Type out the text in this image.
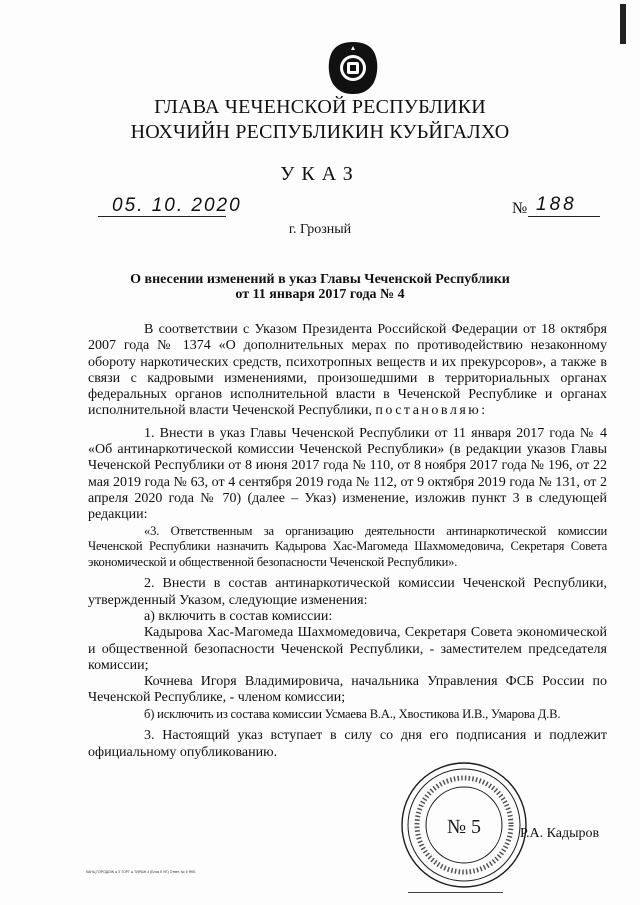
ГЛАВА ЧЕЧЕНСКОЙ РЕСПУБЛИКИ
НОХЧИЙН РЕСПУБЛИКИН КУЬЙГАЛХО
УКАЗ
05. 10. 2020	№ 188
г. Грозный
О внесении изменений в указ Главы Чеченской Республики
от 11 января 2017 года № 4

В соответствии с Указом Президента Российской Федерации от 18 октября 2007 года № 1374 «О дополнительных мерах по противодействию незаконному обороту наркотических средств, психотропных веществ и их прекурсоров», а также в связи с кадровыми изменениями, произошедшими в территориальных органах федеральных органов исполнительной власти в Чеченской Республике и органах исполнительной власти Чеченской Республики, постановляю:

1. Внести в указ Главы Чеченской Республики от 11 января 2017 года № 4 «Об антинаркотической комиссии Чеченской Республики» (в редакции указов Главы Чеченской Республики от 8 июня 2017 года № 110, от 8 ноября 2017 года № 196, от 22 мая 2019 года № 63, от 4 сентября 2019 года № 112, от 9 октября 2019 года № 131, от 2 апреля 2020 года № 70) (далее – Указ) изменение, изложив пункт 3 в следующей редакции:

«3. Ответственным за организацию деятельности антинаркотической комиссии Чеченской Республики назначить Кадырова Хас-Магомеда Шахмомедовича, Секретаря Совета экономической и общественной безопасности Чеченской Республики».

2. Внести в состав антинаркотической комиссии Чеченской Республики, утвержденный Указом, следующие изменения:

а) включить в состав комиссии:

Кадырова Хас-Магомеда Шахмомедовича, Секретаря Совета экономической и общественной безопасности Чеченской Республики, - заместителем председателя комиссии;

Кочнева Игоря Владимировича, начальника Управления ФСБ России по Чеченской Республике, - членом комиссии;

б) исключить из состава комиссии Усмаева В.А., Хвостикова И.В., Умарова Д.В.

3. Настоящий указ вступает в силу со дня его подписания и подлежит официальному опубликованию.

№ 5	Р.А. Кадыров
КАНЦ ГОРОДОЖ ● 3 ТОРГ ● ТИРАЖ 4 (Блок 5 УЕ) Ответ. № 5 ФКБ
